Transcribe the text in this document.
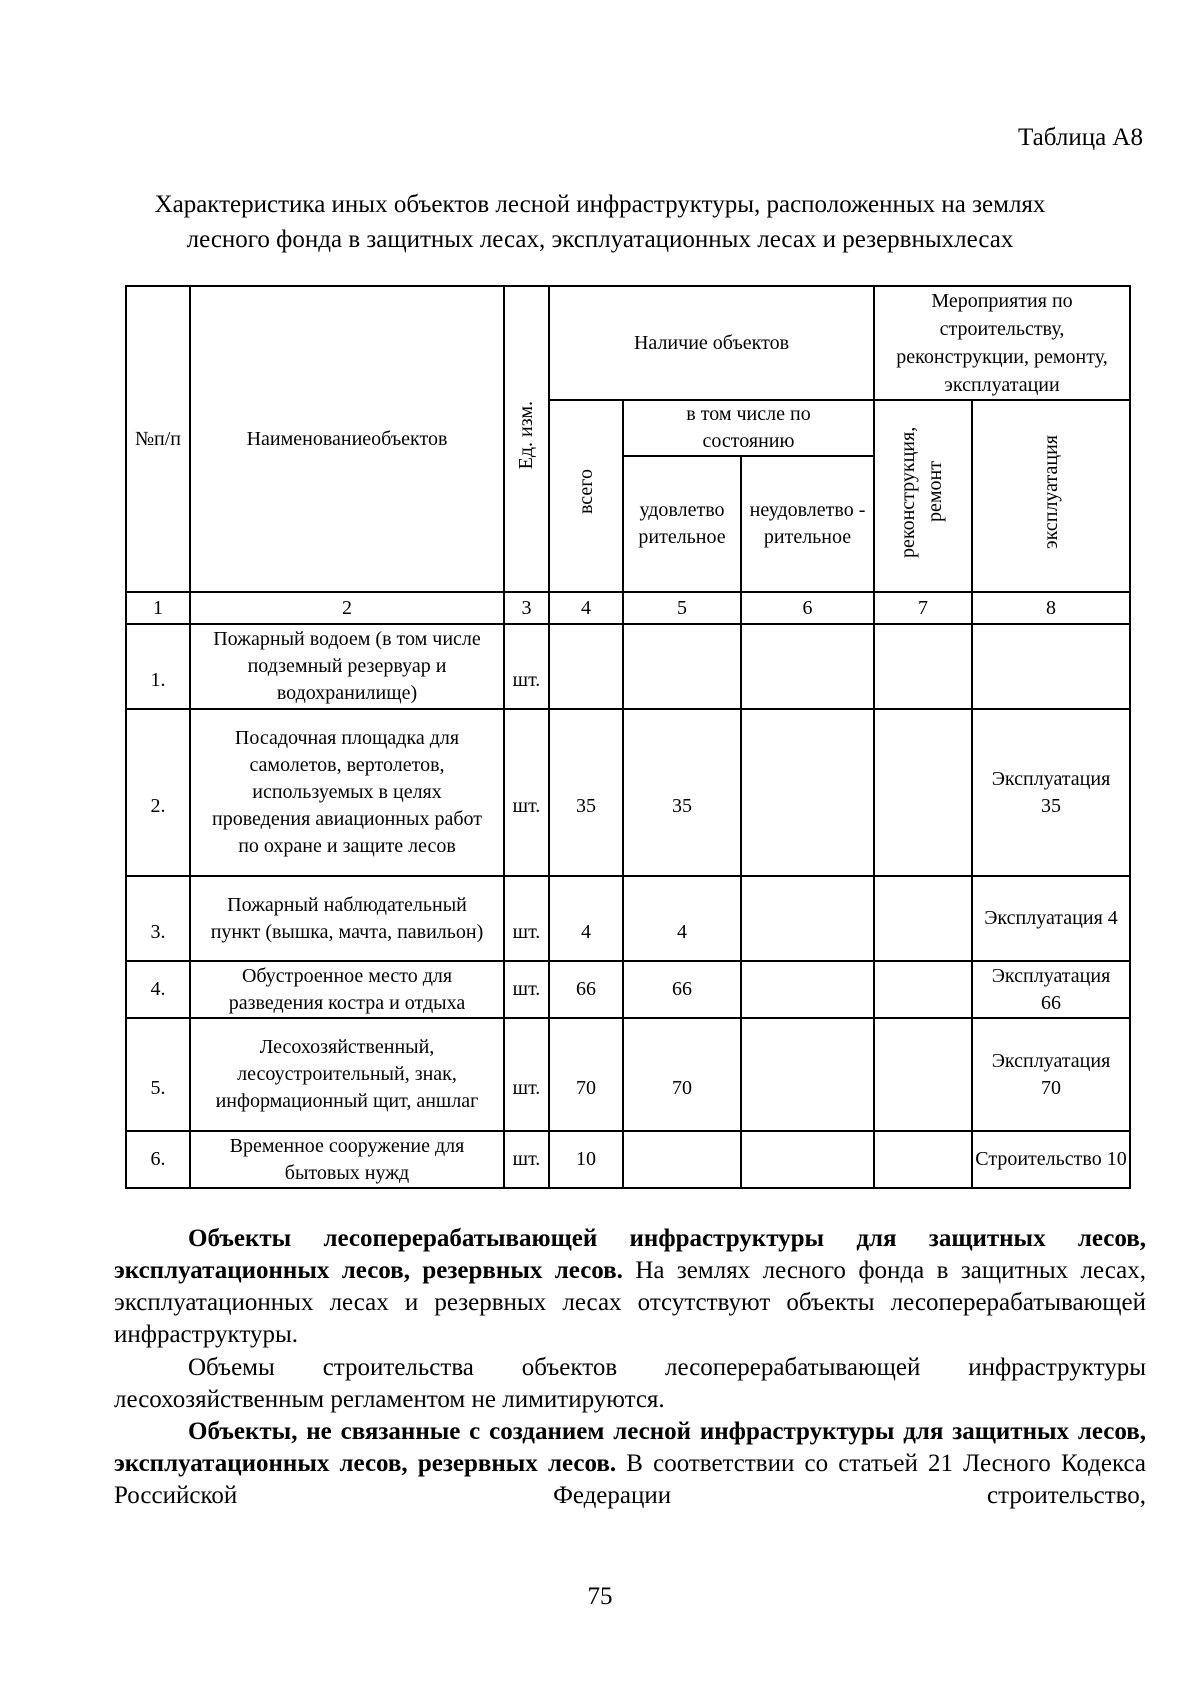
Таблица А8
Характеристика иных объектов лесной инфраструктуры, расположенных на землях
лесного фонда в защитных лесах, эксплуатационных лесах и резервныхлесах
№п/п	Наименованиеобъектов	Ед. изм.	Наличие объектов			Мероприятия по строительству, реконструкции, ремонту, эксплуатации	
			всего	в том числе по состоянию		реконструкция, ремонт	эксплуатация
				удовлетво рительное	неудовлетво - рительное		
1	2	3	4	5	6	7	8
1.	Пожарный водоем (в том числе подземный резервуар и водохранилище)	шт.					
2.	Посадочная площадка для самолетов, вертолетов, используемых в целях проведения авиационных работ по охране и защите лесов	шт.	35	35			Эксплуатация 35
3.	Пожарный наблюдательный пункт (вышка, мачта, павильон)	шт.	4	4			Эксплуатация 4
4.	Обустроенное место для разведения костра и отдыха	шт.	66	66			Эксплуатация 66
5.	Лесохозяйственный, лесоустроительный, знак, информационный щит, аншлаг	шт.	70	70			Эксплуатация 70
6.	Временное сооружение для бытовых нужд	шт.	10				Строительство 10

Объекты лесоперерабатывающей инфраструктуры для защитных лесов, эксплуатационных лесов, резервных лесов. На землях лесного фонда в защитных лесах, эксплуатационных лесах и резервных лесах отсутствуют объекты лесоперерабатывающей инфраструктуры.

Объемы строительства объектов лесоперерабатывающей инфраструктуры лесохозяйственным регламентом не лимитируются.

Объекты, не связанные с созданием лесной инфраструктуры для защитных лесов, эксплуатационных лесов, резервных лесов. В соответствии со статьей 21 Лесного Кодекса Российской Федерации строительство,

75
